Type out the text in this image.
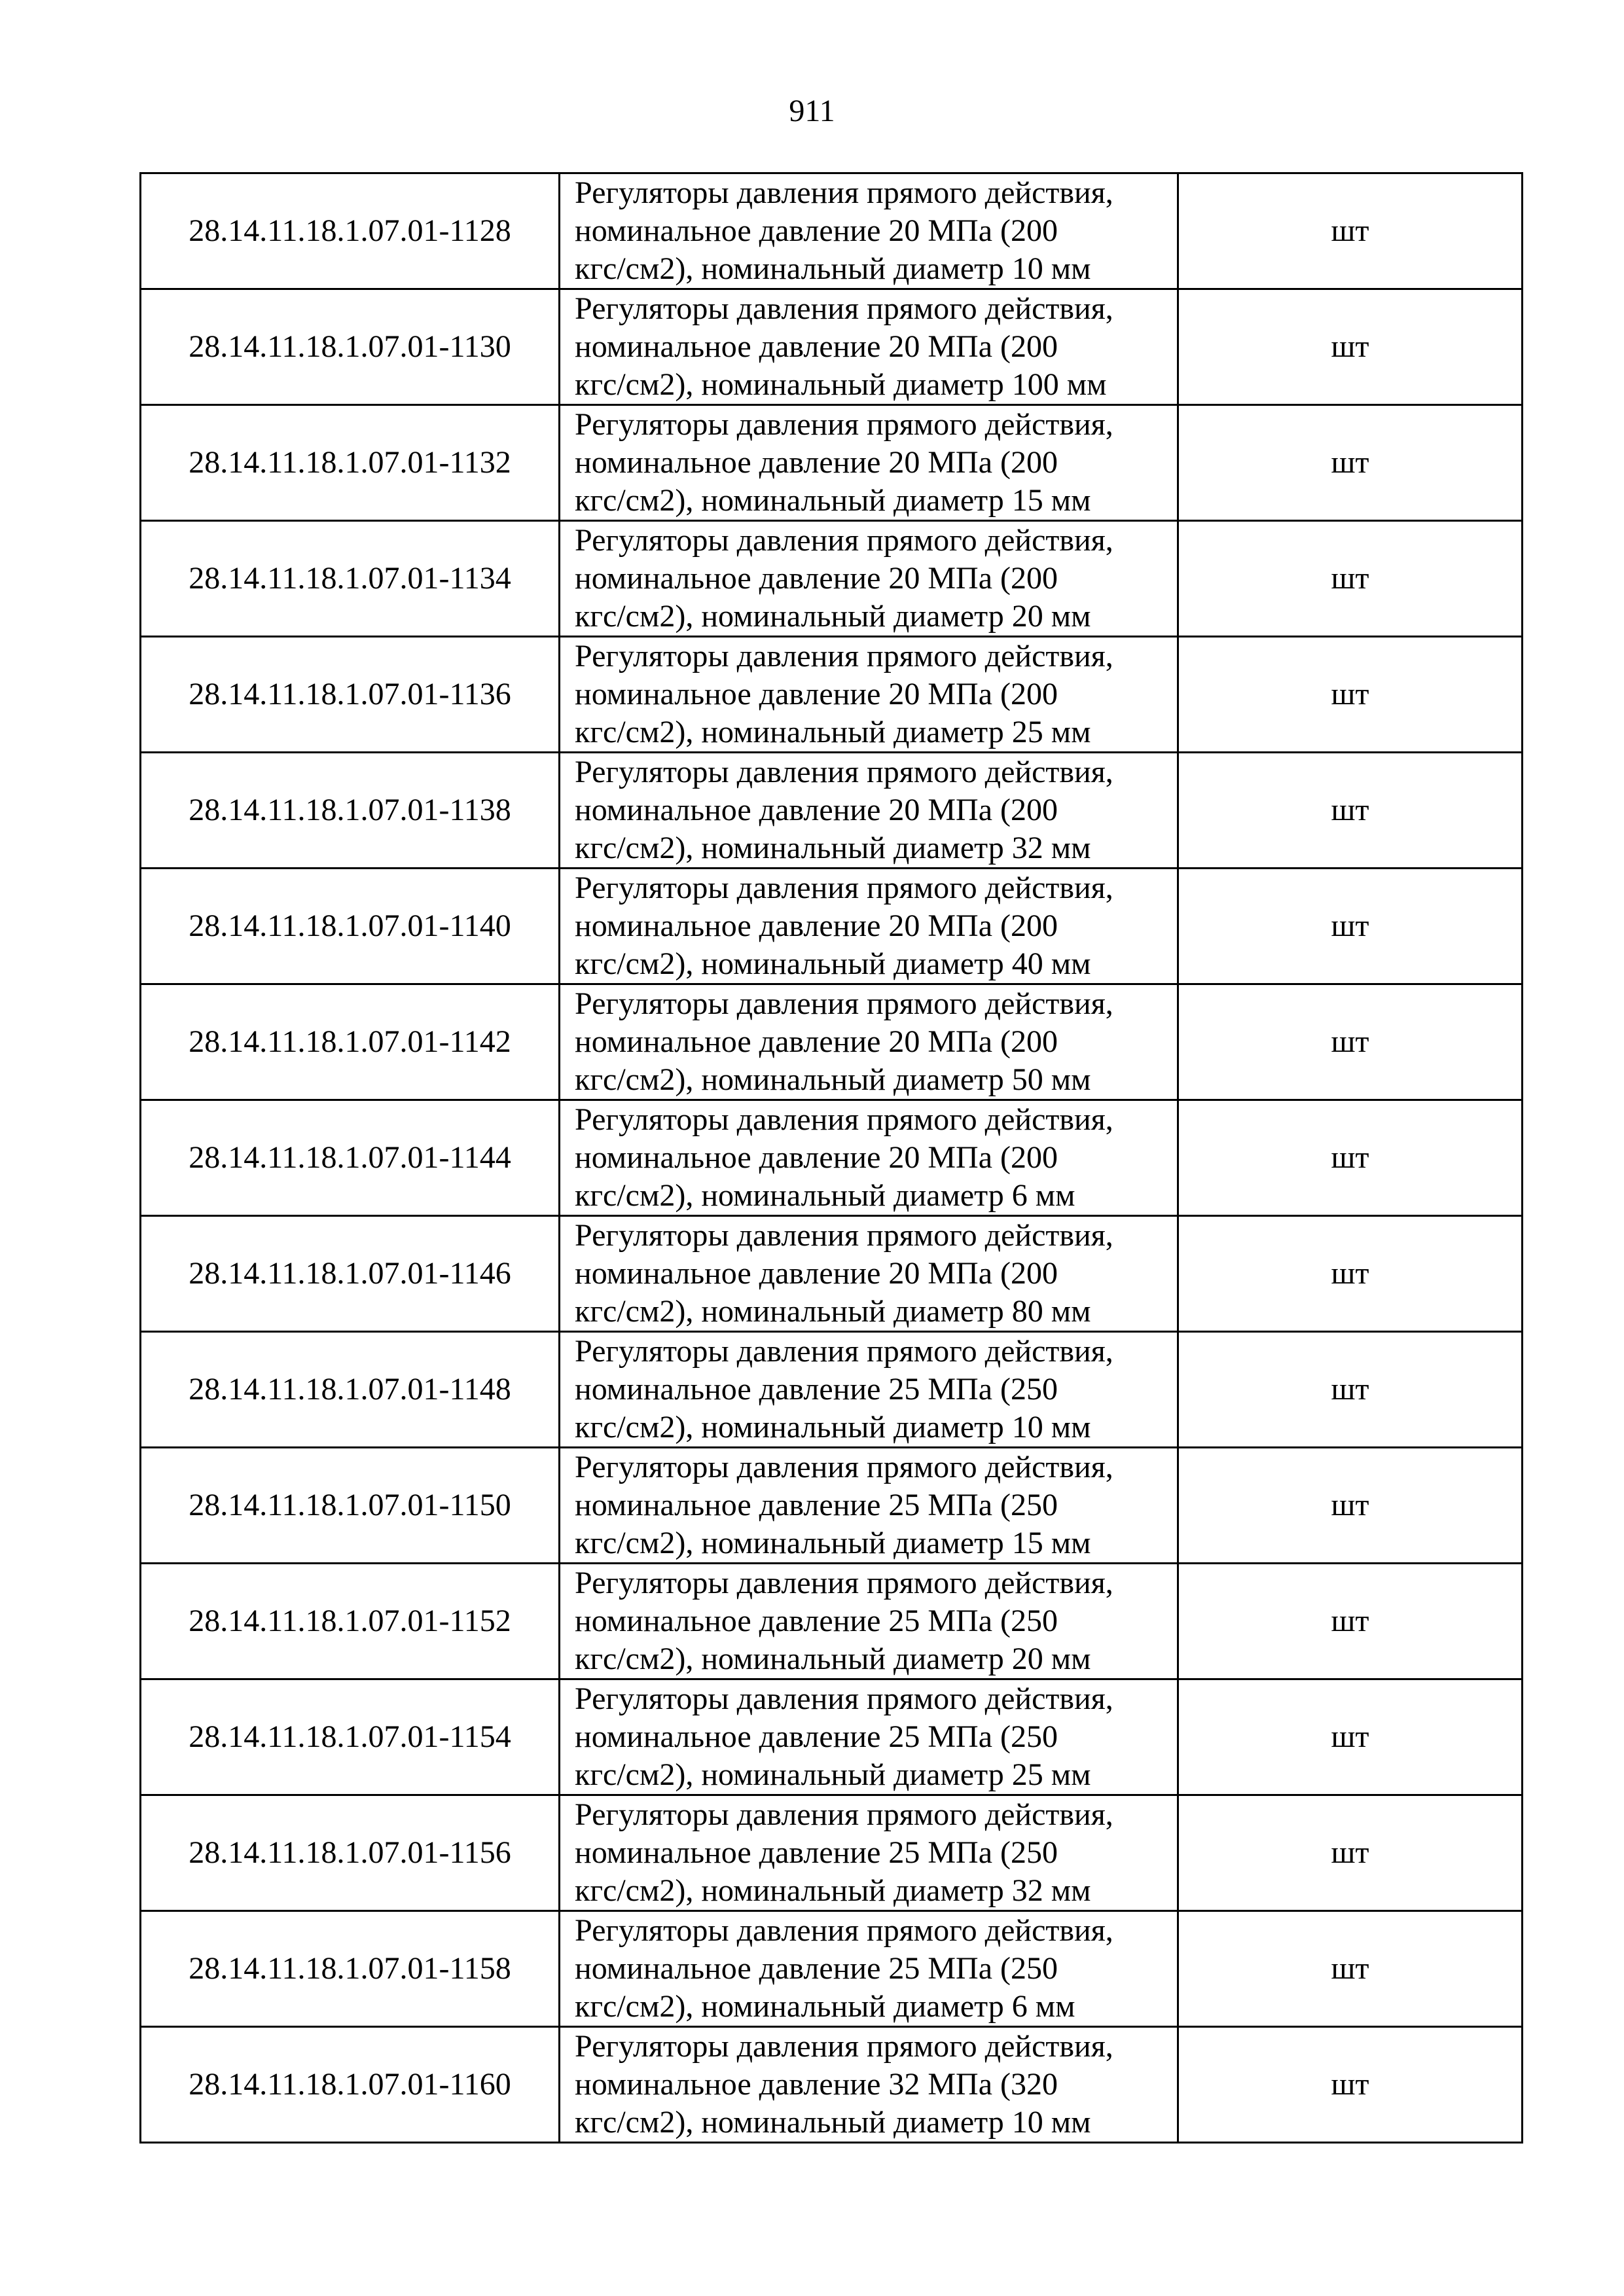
911
28.14.11.18.1.07.01-1128	Регуляторы давления прямого действия,
номинальное давление 20 МПа (200
кгс/см2), номинальный диаметр 10 мм	шт
28.14.11.18.1.07.01-1130	Регуляторы давления прямого действия,
номинальное давление 20 МПа (200
кгс/см2), номинальный диаметр 100 мм	шт
28.14.11.18.1.07.01-1132	Регуляторы давления прямого действия,
номинальное давление 20 МПа (200
кгс/см2), номинальный диаметр 15 мм	шт
28.14.11.18.1.07.01-1134	Регуляторы давления прямого действия,
номинальное давление 20 МПа (200
кгс/см2), номинальный диаметр 20 мм	шт
28.14.11.18.1.07.01-1136	Регуляторы давления прямого действия,
номинальное давление 20 МПа (200
кгс/см2), номинальный диаметр 25 мм	шт
28.14.11.18.1.07.01-1138	Регуляторы давления прямого действия,
номинальное давление 20 МПа (200
кгс/см2), номинальный диаметр 32 мм	шт
28.14.11.18.1.07.01-1140	Регуляторы давления прямого действия,
номинальное давление 20 МПа (200
кгс/см2), номинальный диаметр 40 мм	шт
28.14.11.18.1.07.01-1142	Регуляторы давления прямого действия,
номинальное давление 20 МПа (200
кгс/см2), номинальный диаметр 50 мм	шт
28.14.11.18.1.07.01-1144	Регуляторы давления прямого действия,
номинальное давление 20 МПа (200
кгс/см2), номинальный диаметр 6 мм	шт
28.14.11.18.1.07.01-1146	Регуляторы давления прямого действия,
номинальное давление 20 МПа (200
кгс/см2), номинальный диаметр 80 мм	шт
28.14.11.18.1.07.01-1148	Регуляторы давления прямого действия,
номинальное давление 25 МПа (250
кгс/см2), номинальный диаметр 10 мм	шт
28.14.11.18.1.07.01-1150	Регуляторы давления прямого действия,
номинальное давление 25 МПа (250
кгс/см2), номинальный диаметр 15 мм	шт
28.14.11.18.1.07.01-1152	Регуляторы давления прямого действия,
номинальное давление 25 МПа (250
кгс/см2), номинальный диаметр 20 мм	шт
28.14.11.18.1.07.01-1154	Регуляторы давления прямого действия,
номинальное давление 25 МПа (250
кгс/см2), номинальный диаметр 25 мм	шт
28.14.11.18.1.07.01-1156	Регуляторы давления прямого действия,
номинальное давление 25 МПа (250
кгс/см2), номинальный диаметр 32 мм	шт
28.14.11.18.1.07.01-1158	Регуляторы давления прямого действия,
номинальное давление 25 МПа (250
кгс/см2), номинальный диаметр 6 мм	шт
28.14.11.18.1.07.01-1160	Регуляторы давления прямого действия,
номинальное давление 32 МПа (320
кгс/см2), номинальный диаметр 10 мм	шт
